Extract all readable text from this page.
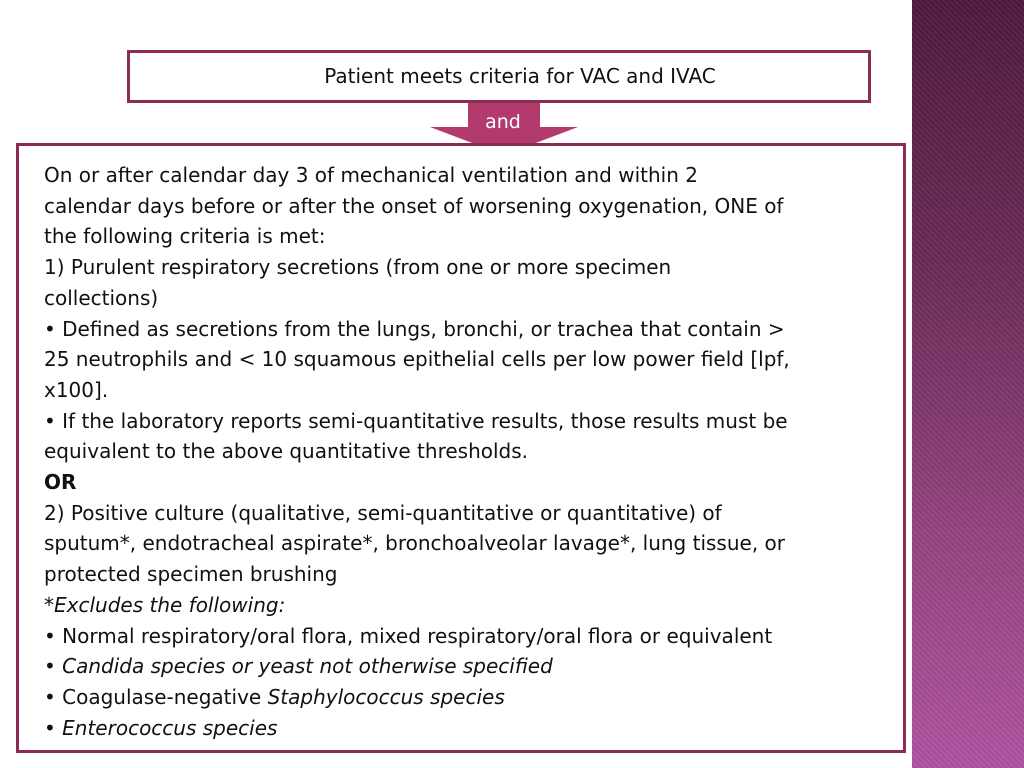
Patient meets criteria for VAC and IVAC
and

On or after calendar day 3 of mechanical ventilation and within 2

calendar days before or after the onset of worsening oxygenation, ONE of

the following criteria is met:

1) Purulent respiratory secretions (from one or more specimen

collections)

• Defined as secretions from the lungs, bronchi, or trachea that contain >

25 neutrophils and < 10 squamous epithelial cells per low power field [lpf,

x100].

• If the laboratory reports semi-quantitative results, those results must be

equivalent to the above quantitative thresholds.

OR

2) Positive culture (qualitative, semi-quantitative or quantitative) of

sputum*, endotracheal aspirate*, bronchoalveolar lavage*, lung tissue, or

protected specimen brushing

*Excludes the following:

• Normal respiratory/oral flora, mixed respiratory/oral flora or equivalent

• Candida species or yeast not otherwise specified

• Coagulase-negative Staphylococcus species

• Enterococcus species
